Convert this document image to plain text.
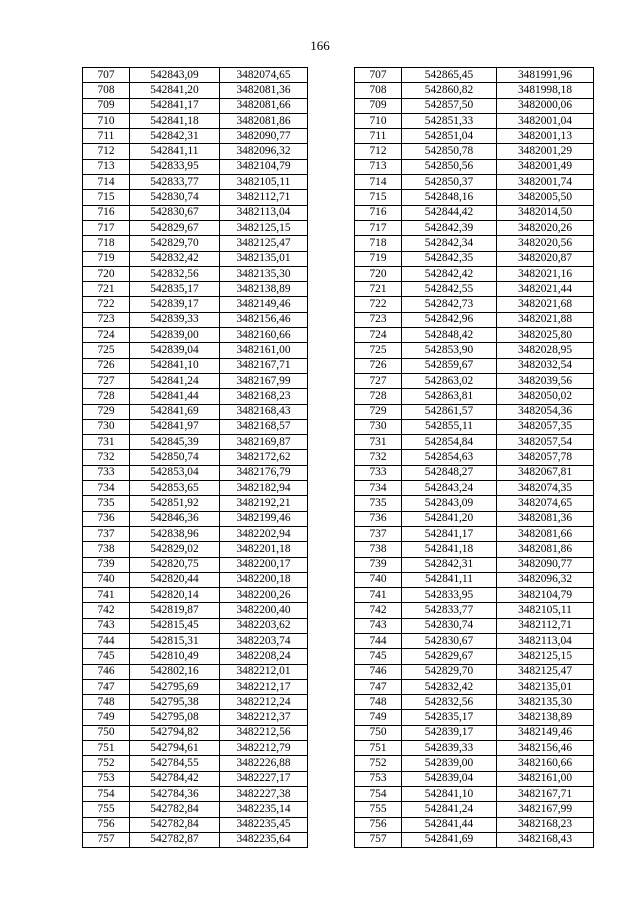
166
707	542843,09	3482074,65		707	542865,45	3481991,96
708	542841,20	3482081,36		708	542860,82	3481998,18
709	542841,17	3482081,66		709	542857,50	3482000,06
710	542841,18	3482081,86		710	542851,33	3482001,04
711	542842,31	3482090,77		711	542851,04	3482001,13
712	542841,11	3482096,32		712	542850,78	3482001,29
713	542833,95	3482104,79		713	542850,56	3482001,49
714	542833,77	3482105,11		714	542850,37	3482001,74
715	542830,74	3482112,71		715	542848,16	3482005,50
716	542830,67	3482113,04		716	542844,42	3482014,50
717	542829,67	3482125,15		717	542842,39	3482020,26
718	542829,70	3482125,47		718	542842,34	3482020,56
719	542832,42	3482135,01		719	542842,35	3482020,87
720	542832,56	3482135,30		720	542842,42	3482021,16
721	542835,17	3482138,89		721	542842,55	3482021,44
722	542839,17	3482149,46		722	542842,73	3482021,68
723	542839,33	3482156,46		723	542842,96	3482021,88
724	542839,00	3482160,66		724	542848,42	3482025,80
725	542839,04	3482161,00		725	542853,90	3482028,95
726	542841,10	3482167,71		726	542859,67	3482032,54
727	542841,24	3482167,99		727	542863,02	3482039,56
728	542841,44	3482168,23		728	542863,81	3482050,02
729	542841,69	3482168,43		729	542861,57	3482054,36
730	542841,97	3482168,57		730	542855,11	3482057,35
731	542845,39	3482169,87		731	542854,84	3482057,54
732	542850,74	3482172,62		732	542854,63	3482057,78
733	542853,04	3482176,79		733	542848,27	3482067,81
734	542853,65	3482182,94		734	542843,24	3482074,35
735	542851,92	3482192,21		735	542843,09	3482074,65
736	542846,36	3482199,46		736	542841,20	3482081,36
737	542838,96	3482202,94		737	542841,17	3482081,66
738	542829,02	3482201,18		738	542841,18	3482081,86
739	542820,75	3482200,17		739	542842,31	3482090,77
740	542820,44	3482200,18		740	542841,11	3482096,32
741	542820,14	3482200,26		741	542833,95	3482104,79
742	542819,87	3482200,40		742	542833,77	3482105,11
743	542815,45	3482203,62		743	542830,74	3482112,71
744	542815,31	3482203,74		744	542830,67	3482113,04
745	542810,49	3482208,24		745	542829,67	3482125,15
746	542802,16	3482212,01		746	542829,70	3482125,47
747	542795,69	3482212,17		747	542832,42	3482135,01
748	542795,38	3482212,24		748	542832,56	3482135,30
749	542795,08	3482212,37		749	542835,17	3482138,89
750	542794,82	3482212,56		750	542839,17	3482149,46
751	542794,61	3482212,79		751	542839,33	3482156,46
752	542784,55	3482226,88		752	542839,00	3482160,66
753	542784,42	3482227,17		753	542839,04	3482161,00
754	542784,36	3482227,38		754	542841,10	3482167,71
755	542782,84	3482235,14		755	542841,24	3482167,99
756	542782,84	3482235,45		756	542841,44	3482168,23
757	542782,87	3482235,64		757	542841,69	3482168,43
